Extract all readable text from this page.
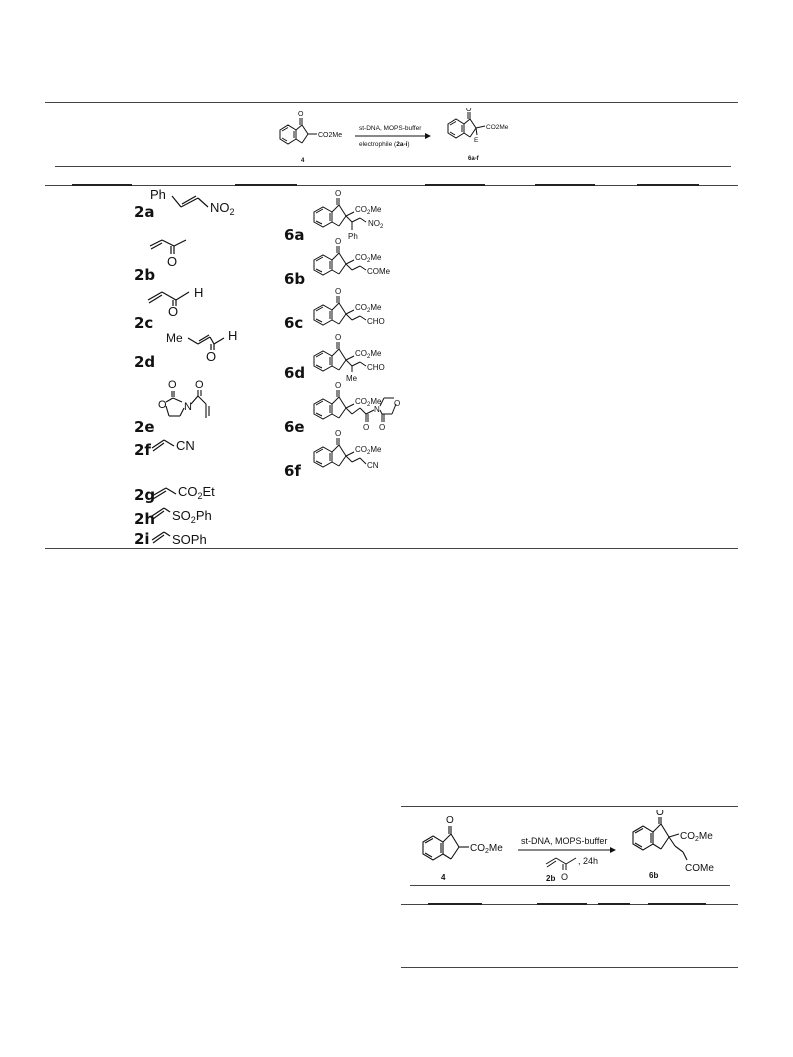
O
CO2Me
4
st-DNA, MOPS-buffer
electrophile (2a-i)
O
CO2Me
E
6a-f
Ph
$NO_2$
2a
O
2b
H
O
2c
Me	H
O
2d
O
O N
O
2e
CN
2f
$CO_2Et$
2g
$SO_2Ph$
2h
SOPh
2i
O
$CO_2Me$
$NO_2$
Ph
6a	O
$CO_2Me$
COMe
6b
O
$CO_2Me$
CHO
6c
O
$CO_2Me$
CHO
Me
6d
O
$CO_2Me$
N
O
O O
6e	O
$CO_2Me$
CN
6f
O
$CO_2Me$
4
st-DNA, MOPS-buffer
O
, 24h
2b
O
$CO_2Me$
COMe
6b
